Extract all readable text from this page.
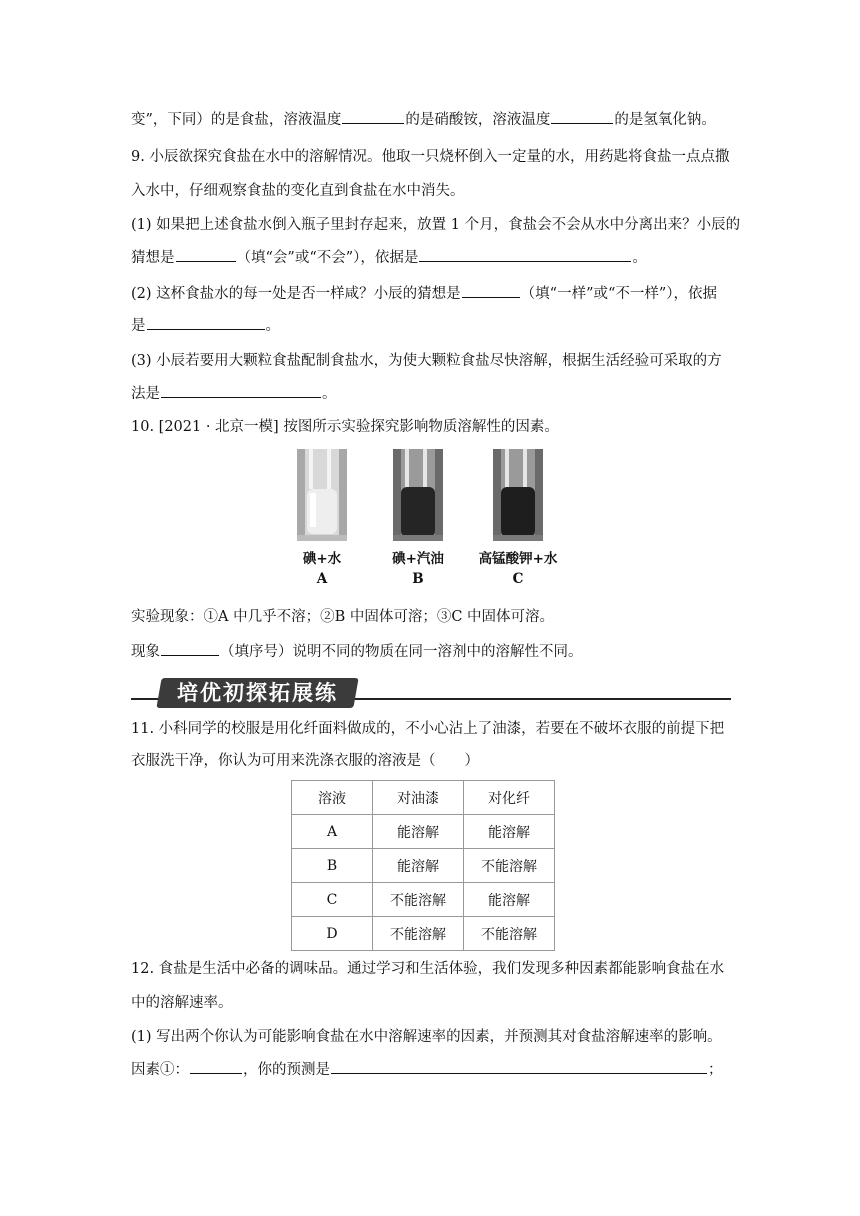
变”，下同）的是食盐，溶液温度	的是硝酸铵，溶液温度	的是氢氧化钠。
9. 小辰欲探究食盐在水中的溶解情况。他取一只烧杯倒入一定量的水，用药匙将食盐一点点撒
入水中，仔细观察食盐的变化直到食盐在水中消失。
(1) 如果把上述食盐水倒入瓶子里封存起来，放置 1 个月，食盐会不会从水中分离出来？小辰的
猜想是	（填“会”或“不会”），依据是	。
(2) 这杯食盐水的每一处是否一样咸？小辰的猜想是	（填“一样”或“不一样”），依据
是	。
(3) 小辰若要用大颗粒食盐配制食盐水，为使大颗粒食盐尽快溶解，根据生活经验可采取的方
法是	。
10. [2021 · 北京一模] 按图所示实验探究影响物质溶解性的因素。
碘+水
A
碘+汽油
B
高锰酸钾+水
C
实验现象：①A 中几乎不溶；②B 中固体可溶；③C 中固体可溶。
现象	（填序号）说明不同的物质在同一溶剂中的溶解性不同。
培优初探拓展练
11. 小科同学的校服是用化纤面料做成的，不小心沾上了油漆，若要在不破坏衣服的前提下把
衣服洗干净，你认为可用来洗涤衣服的溶液是（　　）
溶液	对油漆	对化纤
A	能溶解	能溶解
B	能溶解	不能溶解
C	不能溶解	能溶解
D	不能溶解	不能溶解
12. 食盐是生活中必备的调味品。通过学习和生活体验，我们发现多种因素都能影响食盐在水
中的溶解速率。
(1) 写出两个你认为可能影响食盐在水中溶解速率的因素，并预测其对食盐溶解速率的影响。
因素①：	，你的预测是	；
